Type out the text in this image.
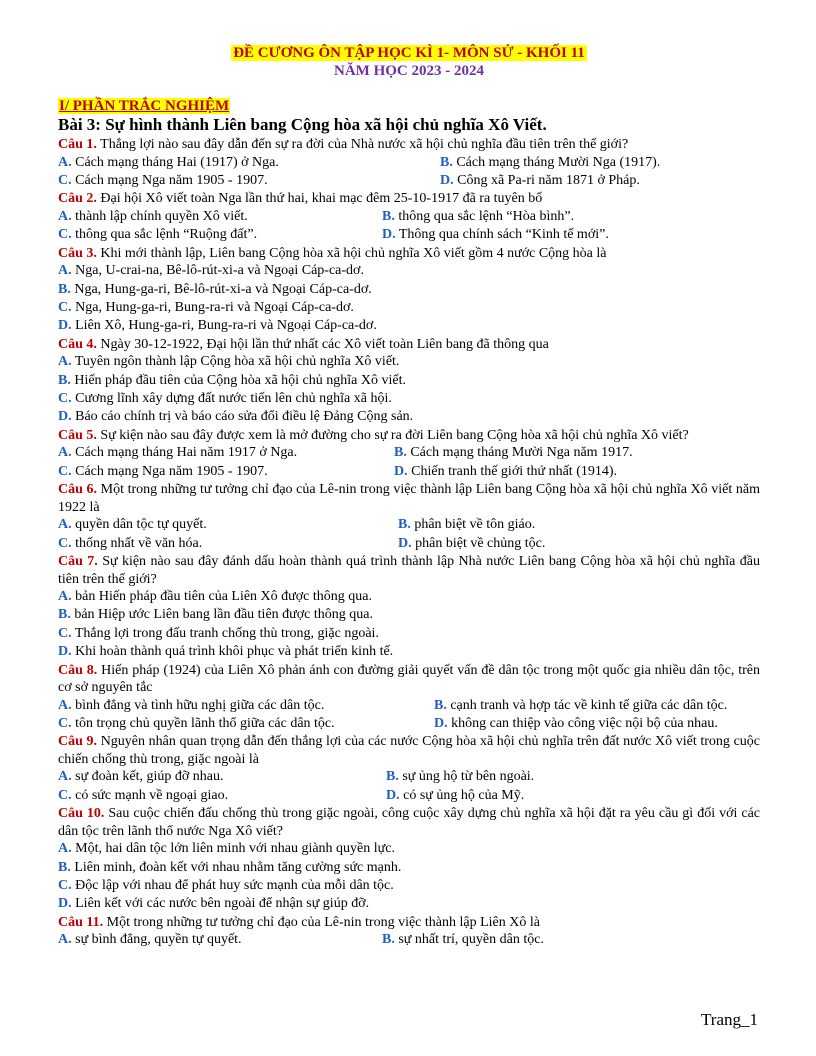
ĐỀ CƯƠNG ÔN TẬP HỌC KÌ 1- MÔN SỬ - KHỐI 11
NĂM HỌC 2023 - 2024
I/ PHẦN TRẮC NGHIỆM
Bài 3: Sự hình thành Liên bang Cộng hòa xã hội chủ nghĩa Xô Viết.
Câu 1. Thắng lợi nào sau đây dẫn đến sự ra đời của Nhà nước xã hội chủ nghĩa đầu tiên trên thế giới?
A. Cách mạng tháng Hai (1917) ở Nga.	B. Cách mạng tháng Mười Nga (1917).
C. Cách mạng Nga năm 1905 - 1907.	D. Công xã Pa-ri năm 1871 ở Pháp.
Câu 2. Đại hội Xô viết toàn Nga lần thứ hai, khai mạc đêm 25-10-1917 đã ra tuyên bố
A. thành lập chính quyền Xô viết.	B. thông qua sắc lệnh “Hòa bình”.
C. thông qua sắc lệnh “Ruộng đất”.	D. Thông qua chính sách “Kinh tế mới”.
Câu 3. Khi mới thành lập, Liên bang Cộng hòa xã hội chủ nghĩa Xô viết gồm 4 nước Cộng hòa là
A. Nga, U-crai-na, Bê-lô-rút-xi-a và Ngoại Cáp-ca-dơ.
B. Nga, Hung-ga-ri, Bê-lô-rút-xi-a và Ngoại Cáp-ca-dơ.
C. Nga, Hung-ga-ri, Bung-ra-ri và Ngoại Cáp-ca-dơ.
D. Liên Xô, Hung-ga-ri, Bung-ra-ri và Ngoại Cáp-ca-dơ.
Câu 4. Ngày 30-12-1922, Đại hội lần thứ nhất các Xô viết toàn Liên bang đã thông qua
A. Tuyên ngôn thành lập Cộng hòa xã hội chủ nghĩa Xô viết.
B. Hiến pháp đầu tiên của Cộng hòa xã hội chủ nghĩa Xô viết.
C. Cương lĩnh xây dựng đất nước tiến lên chủ nghĩa xã hội.
D. Báo cáo chính trị và báo cáo sửa đổi điều lệ Đảng Cộng sản.
Câu 5. Sự kiện nào sau đây được xem là mở đường cho sự ra đời Liên bang Cộng hòa xã hội chủ nghĩa Xô viết?
A. Cách mạng tháng Hai năm 1917 ở Nga.	B. Cách mạng tháng Mười Nga năm 1917.
C. Cách mạng Nga năm 1905 - 1907.	D. Chiến tranh thế giới thứ nhất (1914).
Câu 6. Một trong những tư tưởng chỉ đạo của Lê-nin trong việc thành lập Liên bang Cộng hòa xã hội chủ nghĩa Xô viết năm 1922 là
A. quyền dân tộc tự quyết.	B. phân biệt về tôn giáo.
C. thống nhất về văn hóa.	D. phân biệt về chủng tộc.
Câu 7. Sự kiện nào sau đây đánh dấu hoàn thành quá trình thành lập Nhà nước Liên bang Cộng hòa xã hội chủ nghĩa đầu tiên trên thế giới?
A. bản Hiến pháp đầu tiên của Liên Xô được thông qua.
B. bản Hiệp ước Liên bang lần đầu tiên được thông qua.
C. Thắng lợi trong đấu tranh chống thù trong, giặc ngoài.
D. Khi hoàn thành quá trình khôi phục và phát triển kinh tế.
Câu 8. Hiến pháp (1924) của Liên Xô phản ánh con đường giải quyết vấn đề dân tộc trong một quốc gia nhiều dân tộc, trên cơ sở nguyên tắc
A. bình đẳng và tình hữu nghị giữa các dân tộc.	B. cạnh tranh và hợp tác về kinh tế giữa các dân tộc.
C. tôn trọng chủ quyền lãnh thổ giữa các dân tộc.	D. không can thiệp vào công việc nội bộ của nhau.
Câu 9. Nguyên nhân quan trọng dẫn đến thắng lợi của các nước Cộng hòa xã hội chủ nghĩa trên đất nước Xô viết trong cuộc chiến chống thù trong, giặc ngoài là
A. sự đoàn kết, giúp đỡ nhau.	B. sự ủng hộ từ bên ngoài.
C. có sức mạnh về ngoại giao.	D. có sự ủng hộ của Mỹ.
Câu 10. Sau cuộc chiến đấu chống thù trong giặc ngoài, công cuộc xây dựng chủ nghĩa xã hội đặt ra yêu cầu gì đối với các dân tộc trên lãnh thổ nước Nga Xô viết?
A. Một, hai dân tộc lớn liên minh với nhau giành quyền lực.
B. Liên minh, đoàn kết với nhau nhằm tăng cường sức mạnh.
C. Độc lập với nhau để phát huy sức mạnh của mỗi dân tộc.
D. Liên kết với các nước bên ngoài để nhận sự giúp đỡ.
Câu 11. Một trong những tư tưởng chỉ đạo của Lê-nin trong việc thành lập Liên Xô là
A. sự bình đẳng, quyền tự quyết.	B. sự nhất trí, quyền dân tộc.
Trang_1
